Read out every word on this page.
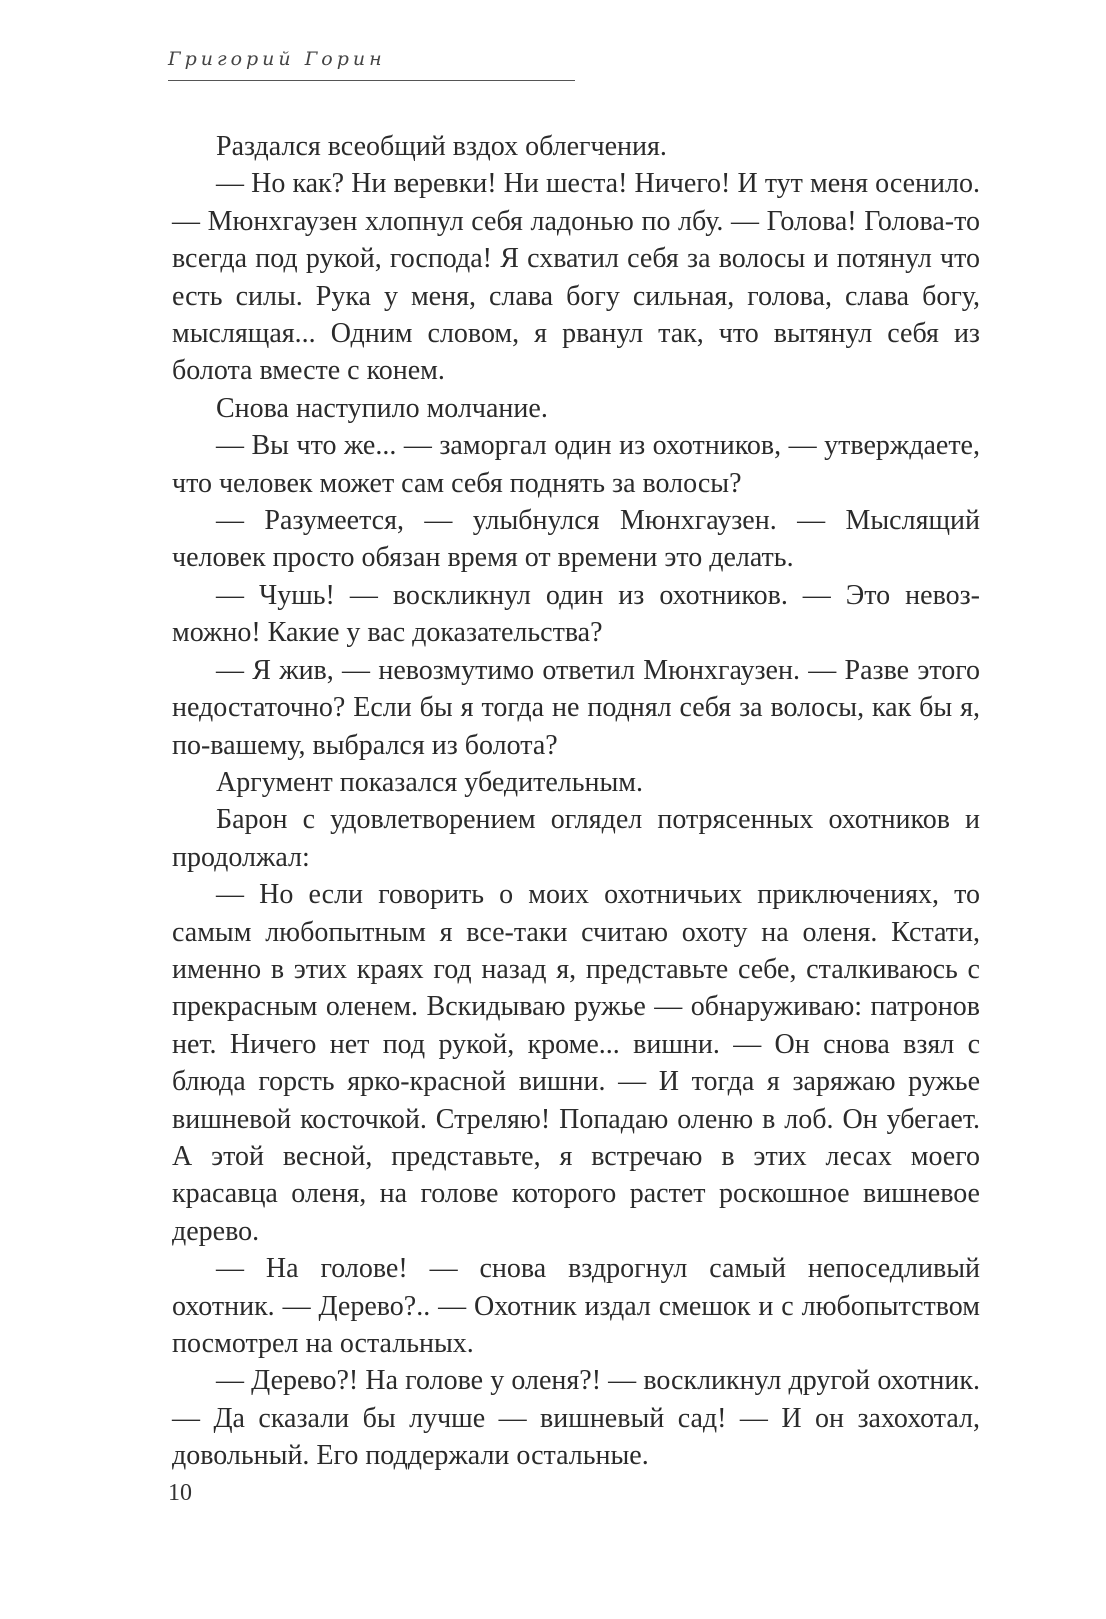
Григорий Горин

Раздался всеобщий вздох облегчения.

— Но как? Ни веревки! Ни шеста! Ничего! И тут меня осенило. — Мюнхгаузен хлопнул себя ладонью по лбу. — Голова! Голова-то всегда под рукой, господа! Я схватил себя за волосы и потянул что есть силы. Рука у меня, слава богу сильная, голова, слава богу, мыслящая... Одним словом, я рванул так, что вытянул себя из болота вместе с конем.

Снова наступило молчание.

— Вы что же... — заморгал один из охотников, — утверждаете, что человек может сам себя поднять за волосы?

— Разумеется, — улыбнулся Мюнхгаузен. — Мыслящий человек просто обязан время от времени это делать.

— Чушь! — воскликнул один из охотников. — Это невозможно! Какие у вас доказательства?

— Я жив, — невозмутимо ответил Мюнхгаузен. — Разве этого недостаточно? Если бы я тогда не поднял себя за волосы, как бы я, по-вашему, выбрался из болота?

Аргумент показался убедительным.

Барон с удовлетворением оглядел потрясенных охотников и продолжал:

— Но если говорить о моих охотничьих приключениях, то самым любопытным я все-таки считаю охоту на оленя. Кстати, именно в этих краях год назад я, представьте себе, сталкиваюсь с прекрасным оленем. Вскидываю ружье — обнаруживаю: патронов нет. Ничего нет под рукой, кроме... вишни. — Он снова взял с блюда горсть ярко-красной вишни. — И тогда я заряжаю ружье вишневой косточкой. Стреляю! Попадаю оленю в лоб. Он убегает. А этой весной, представьте, я встречаю в этих лесах моего красавца оленя, на голове которого растет роскошное вишневое дерево.

— На голове! — снова вздрогнул самый непоседливый охотник. — Дерево?.. — Охотник издал смешок и с любопытством посмотрел на остальных.

— Дерево?! На голове у оленя?! — воскликнул другой охотник. — Да сказали бы лучше — вишневый сад! — И он захохотал, довольный. Его поддержали остальные.

10
